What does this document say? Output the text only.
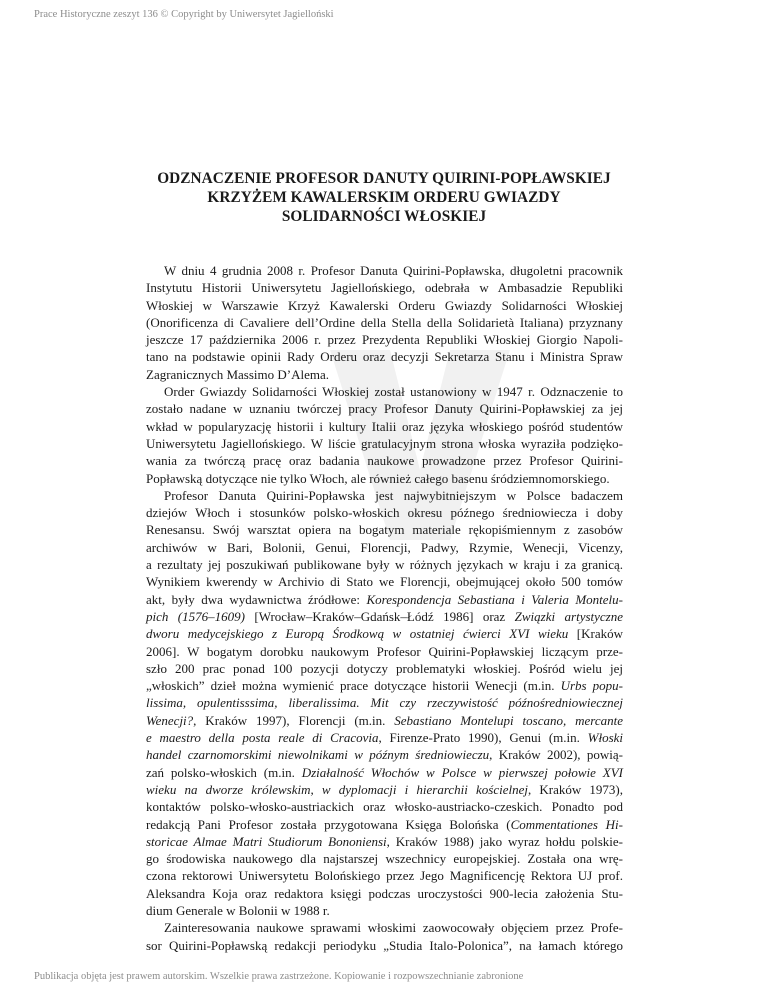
Prace Historyczne zeszyt 136 © Copyright by Uniwersytet Jagielloński
ODZNACZENIE PROFESOR DANUTY QUIRINI-POPŁAWSKIEJ
KRZYŻEM KAWALERSKIM ORDERU GWIAZDY
SOLIDARNOŚCI WŁOSKIEJ
W dniu 4 grudnia 2008 r. Profesor Danuta Quirini-Popławska, długoletni pracownik
Instytutu Historii Uniwersytetu Jagiellońskiego, odebrała w Ambasadzie Republiki
Włoskiej w Warszawie Krzyż Kawalerski Orderu Gwiazdy Solidarności Włoskiej
(Onorificenza di Cavaliere dell’Ordine della Stella della Solidarietà Italiana) przyznany
jeszcze 17 października 2006 r. przez Prezydenta Republiki Włoskiej Giorgio Napoli-
tano na podstawie opinii Rady Orderu oraz decyzji Sekretarza Stanu i Ministra Spraw
Zagranicznych Massimo D’Alema.
Order Gwiazdy Solidarności Włoskiej został ustanowiony w 1947 r. Odznaczenie to
zostało nadane w uznaniu twórczej pracy Profesor Danuty Quirini-Popławskiej za jej
wkład w popularyzację historii i kultury Italii oraz języka włoskiego pośród studentów
Uniwersytetu Jagiellońskiego. W liście gratulacyjnym strona włoska wyraziła podzięko-
wania za twórczą pracę oraz badania naukowe prowadzone przez Profesor Quirini-
Popławską dotyczące nie tylko Włoch, ale również całego basenu śródziemnomorskiego.
Profesor Danuta Quirini-Popławska jest najwybitniejszym w Polsce badaczem
dziejów Włoch i stosunków polsko-włoskich okresu późnego średniowiecza i doby
Renesansu. Swój warsztat opiera na bogatym materiale rękopiśmiennym z zasobów
archiwów w Bari, Bolonii, Genui, Florencji, Padwy, Rzymie, Wenecji, Vicenzy,
a rezultaty jej poszukiwań publikowane były w różnych językach w kraju i za granicą.
Wynikiem kwerendy w Archivio di Stato we Florencji, obejmującej około 500 tomów
akt, były dwa wydawnictwa źródłowe: Korespondencja Sebastiana i Valeria Montelu-
pich (1576–1609) [Wrocław–Kraków–Gdańsk–Łódź 1986] oraz Związki artystyczne
dworu medycejskiego z Europą Środkową w ostatniej ćwierci XVI wieku [Kraków
2006]. W bogatym dorobku naukowym Profesor Quirini-Popławskiej liczącym prze-
szło 200 prac ponad 100 pozycji dotyczy problematyki włoskiej. Pośród wielu jej
„włoskich” dzieł można wymienić prace dotyczące historii Wenecji (m.in. Urbs popu-
lissima, opulentisssima, liberalissima. Mit czy rzeczywistość późnośredniowiecznej
Wenecji?, Kraków 1997), Florencji (m.in. Sebastiano Montelupi toscano, mercante
e maestro della posta reale di Cracovia, Firenze-Prato 1990), Genui (m.in. Włoski
handel czarnomorskimi niewolnikami w późnym średniowieczu, Kraków 2002), powią-
zań polsko-włoskich (m.in. Działalność Włochów w Polsce w pierwszej połowie XVI
wieku na dworze królewskim, w dyplomacji i hierarchii kościelnej, Kraków 1973),
kontaktów polsko-włosko-austriackich oraz włosko-austriacko-czeskich. Ponadto pod
redakcją Pani Profesor została przygotowana Księga Bolońska (Commentationes Hi-
storicae Almae Matri Studiorum Bononiensi, Kraków 1988) jako wyraz hołdu polskie-
go środowiska naukowego dla najstarszej wszechnicy europejskiej. Została ona wrę-
czona rektorowi Uniwersytetu Bolońskiego przez Jego Magnificencję Rektora UJ prof.
Aleksandra Koja oraz redaktora księgi podczas uroczystości 900-lecia założenia Stu-
dium Generale w Bolonii w 1988 r.
Zainteresowania naukowe sprawami włoskimi zaowocowały objęciem przez Profe-
sor Quirini-Popławską redakcji periodyku „Studia Italo-Polonica”, na łamach którego
Publikacja objęta jest prawem autorskim. Wszelkie prawa zastrzeżone. Kopiowanie i rozpowszechnianie zabronione
